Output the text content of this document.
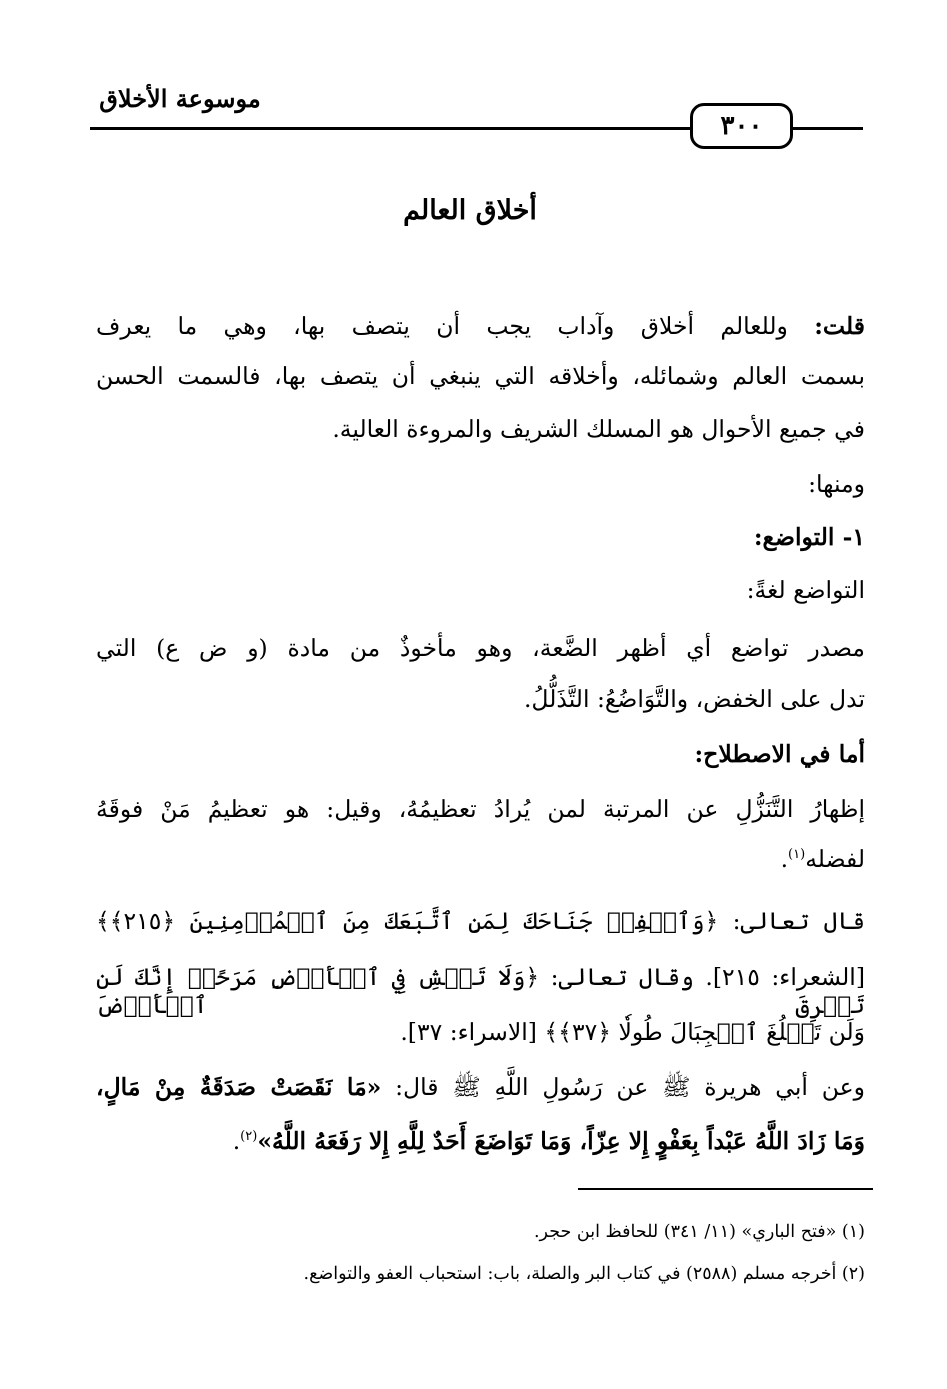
٣٠٠
موسوعة الأخلاق
أخلاق العالم
قلت: وللعالم أخلاق وآداب يجب أن يتصف بها، وهي ما يعرف
بسمت العالم وشمائله، وأخلاقه التي ينبغي أن يتصف بها، فالسمت الحسن
في جميع الأحوال هو المسلك الشريف والمروءة العالية.
ومنها:
١- التواضع:
التواضع لغةً:
مصدر تواضع أي أظهر الضَّعة، وهو مأخوذٌ من مادة (و ض ع) التي
تدل على الخفض، والتَّوَاضُعُ: التَّذَلُّلُ.
أما في الاصطلاح:
إظهارُ التَّنَزُّلِ عن المرتبة لمن يُرادُ تعظيمُهُ، وقيل: هو تعظيمُ مَنْ فوقَهُ
لفضله$^{(١)}$.
قال تعالى: ﴿وَٱخۡفِضۡ جَنَاحَكَ لِمَنِ ٱتَّبَعَكَ مِنَ ٱلۡمُؤۡمِنِينَ ﴿٢١٥﴾﴾
[الشعراء: ٢١٥]. وقال تعالى: ﴿وَلَا تَمۡشِ فِي ٱلۡأَرۡضِ مَرَحًاۖ إِنَّكَ لَن تَخۡرِقَ ٱلۡأَرۡضَ
وَلَن تَبۡلُغَ ٱلۡجِبَالَ طُولٗا ﴿٣٧﴾﴾ [الاسراء: ٣٧].
وعن أبي هريرة ﷺ عن رَسُولِ اللَّهِ ﷺ قال: «مَا نَقَصَتْ صَدَقَةٌ مِنْ مَالٍ،
وَمَا زَادَ اللَّهُ عَبْداً بِعَفْوٍ إِلا عِزّاً، وَمَا تَوَاضَعَ أَحَدٌ لِلَّهِ إِلا رَفَعَهُ اللَّهُ»$^{(٢)}$.
(١) «فتح الباري» (١١/ ٣٤١) للحافظ ابن حجر.
(٢) أخرجه مسلم (٢٥٨٨) في كتاب البر والصلة، باب: استحباب العفو والتواضع.
